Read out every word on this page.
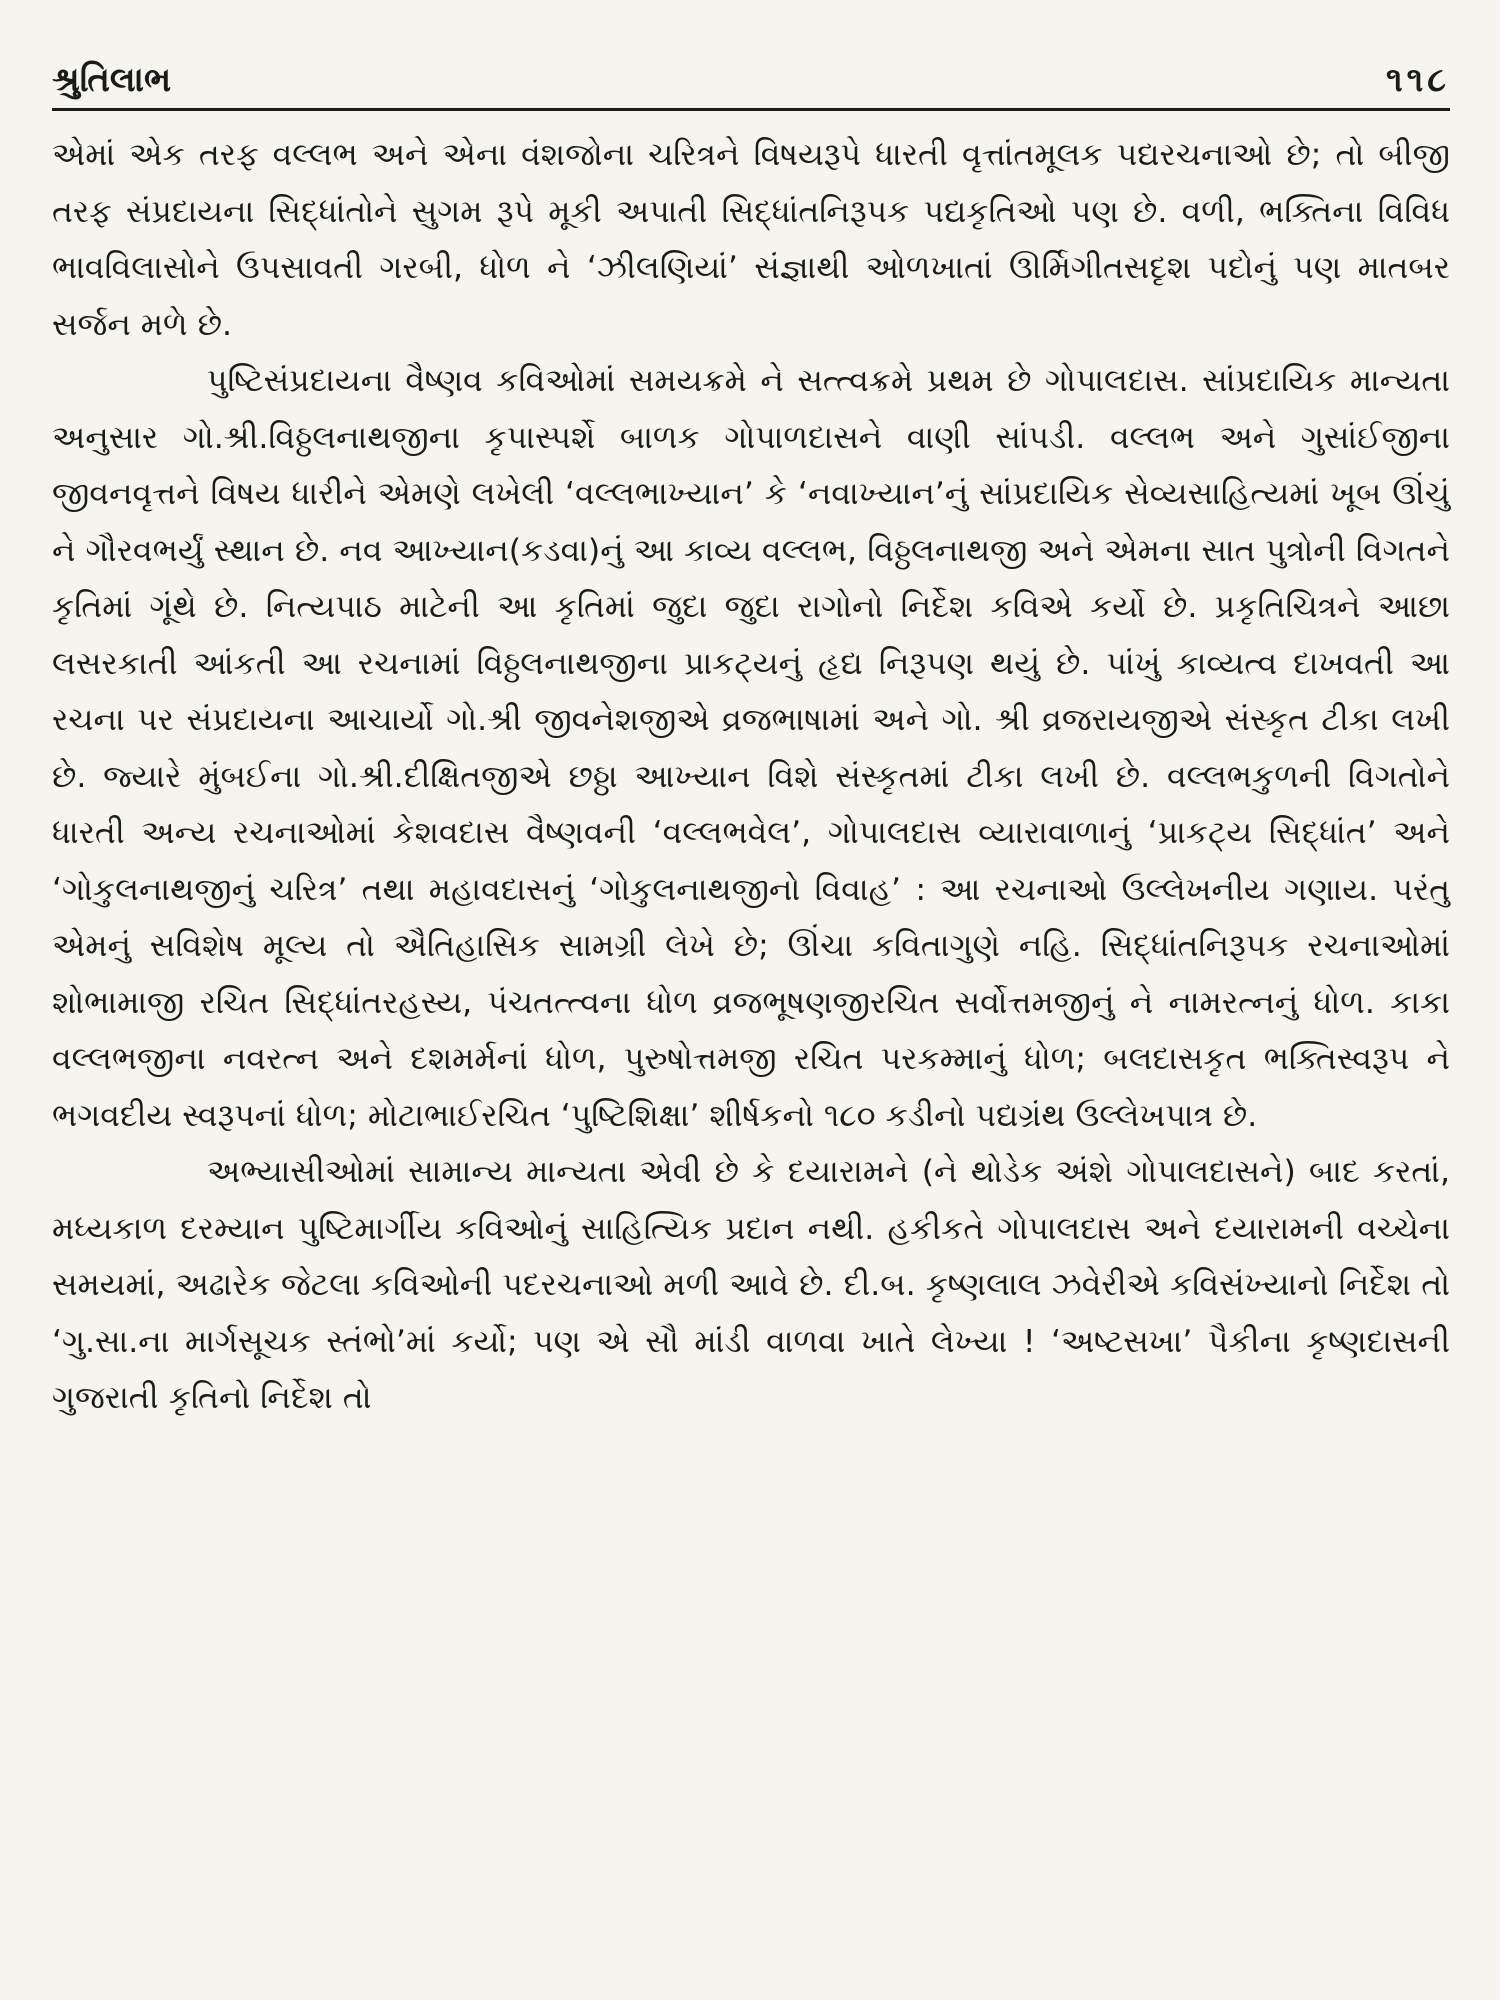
શ્રુતિલાભ	૧૧૮

એમાં એક તરફ વલ્લભ અને એના વંશજોના ચરિત્રને વિષયરૂપે ધારતી વૃત્તાંતમૂલક પદ્યરચનાઓ છે; તો બીજી તરફ સંપ્રદાયના સિદ્ધાંતોને સુગમ રૂપે મૂકી અપાતી સિદ્ધાંતનિરૂપક પદ્યકૃતિઓ પણ છે. વળી, ભક્તિના વિવિધ ભાવવિલાસોને ઉપસાવતી ગરબી, ધોળ ને ‘ઝીલણિયાં’ સંજ્ઞાથી ઓળખાતાં ઊર્મિગીતસદૃશ પદોનું પણ માતબર સર્જન મળે છે.

પુષ્ટિસંપ્રદાયના વૈષ્ણવ કવિઓમાં સમયક્રમે ને સત્ત્વક્રમે પ્રથમ છે ગોપાલદાસ. સાંપ્રદાયિક માન્યતા અનુસાર ગો.શ્રી.વિઠ્ઠલનાથજીના કૃપાસ્પર્શે બાળક ગોપાળદાસને વાણી સાંપડી. વલ્લભ અને ગુસાંઈજીના જીવનવૃત્તને વિષય ધારીને એમણે લખેલી ‘વલ્લભાખ્યાન’ કે ‘નવાખ્યાન’નું સાંપ્રદાયિક સેવ્યસાહિત્યમાં ખૂબ ઊંચું ને ગૌરવભર્યું સ્થાન છે. નવ આખ્યાન(કડવા)નું આ કાવ્ય વલ્લભ, વિઠ્ઠલનાથજી અને એમના સાત પુત્રોની વિગતને કૃતિમાં ગૂંથે છે. નિત્યપાઠ માટેની આ કૃતિમાં જુદા જુદા રાગોનો નિર્દેશ કવિએ કર્યો છે. પ્રકૃતિચિત્રને આછા લસરકાતી આંકતી આ રચનામાં વિઠ્ઠલનાથજીના પ્રાકટ્યનું હૃદ્ય નિરૂપણ થયું છે. પાંખું કાવ્યત્વ દાખવતી આ રચના પર સંપ્રદાયના આચાર્યો ગો.શ્રી જીવનેશજીએ વ્રજભાષામાં અને ગો. શ્રી વ્રજરાયજીએ સંસ્કૃત ટીકા લખી છે. જ્યારે મુંબઈના ગો.શ્રી.દીક્ષિતજીએ છઠ્ઠા આખ્યાન વિશે સંસ્કૃતમાં ટીકા લખી છે. વલ્લભકુળની વિગતોને ધારતી અન્ય રચનાઓમાં કેશવદાસ વૈષ્ણવની ‘વલ્લભવેલ’, ગોપાલદાસ વ્યારાવાળાનું ‘પ્રાકટ્ય સિદ્ધાંત’ અને ‘ગોકુલનાથજીનું ચરિત્ર’ તથા મહાવદાસનું ‘ગોકુલનાથજીનો વિવાહ’ : આ રચનાઓ ઉલ્લેખનીય ગણાય. પરંતુ એમનું સવિશેષ મૂલ્ય તો ઐતિહાસિક સામગ્રી લેખે છે; ઊંચા કવિતાગુણે નહિ. સિદ્ધાંતનિરૂપક રચનાઓમાં શોભામાજી રચિત સિદ્ધાંતરહસ્ય, પંચતત્ત્વના ધોળ વ્રજભૂષણજીરચિત સર્વોત્તમજીનું ને નામરત્નનું ધોળ. કાકા વલ્લભજીના નવરત્ન અને દશમર્મનાં ધોળ, પુરુષોત્તમજી રચિત પરકમ્માનું ધોળ; બલદાસકૃત ભક્તિસ્વરૂપ ને ભગવદીય સ્વરૂપનાં ધોળ; મોટાભાઈરચિત ‘પુષ્ટિશિક્ષા’ શીર્ષકનો ૧૮૦ કડીનો પદ્યગ્રંથ ઉલ્લેખપાત્ર છે.

અભ્યાસીઓમાં સામાન્ય માન્યતા એવી છે કે દયારામને (ને થોડેક અંશે ગોપાલદાસને) બાદ કરતાં, મધ્યકાળ દરમ્યાન પુષ્ટિમાર્ગીય કવિઓનું સાહિત્યિક પ્રદાન નથી. હકીકતે ગોપાલદાસ અને દયારામની વચ્ચેના સમયમાં, અઢારેક જેટલા કવિઓની પદરચનાઓ મળી આવે છે. દી.બ. કૃષ્ણલાલ ઝવેરીએ કવિસંખ્યાનો નિર્દેશ તો ‘ગુ.સા.ના માર્ગસૂચક સ્તંભો’માં કર્યો; પણ એ સૌ માંડી વાળવા ખાતે લેખ્યા ! ‘અષ્ટસખા’ પૈકીના કૃષ્ણદાસની ગુજરાતી કૃતિનો નિર્દેશ તો
